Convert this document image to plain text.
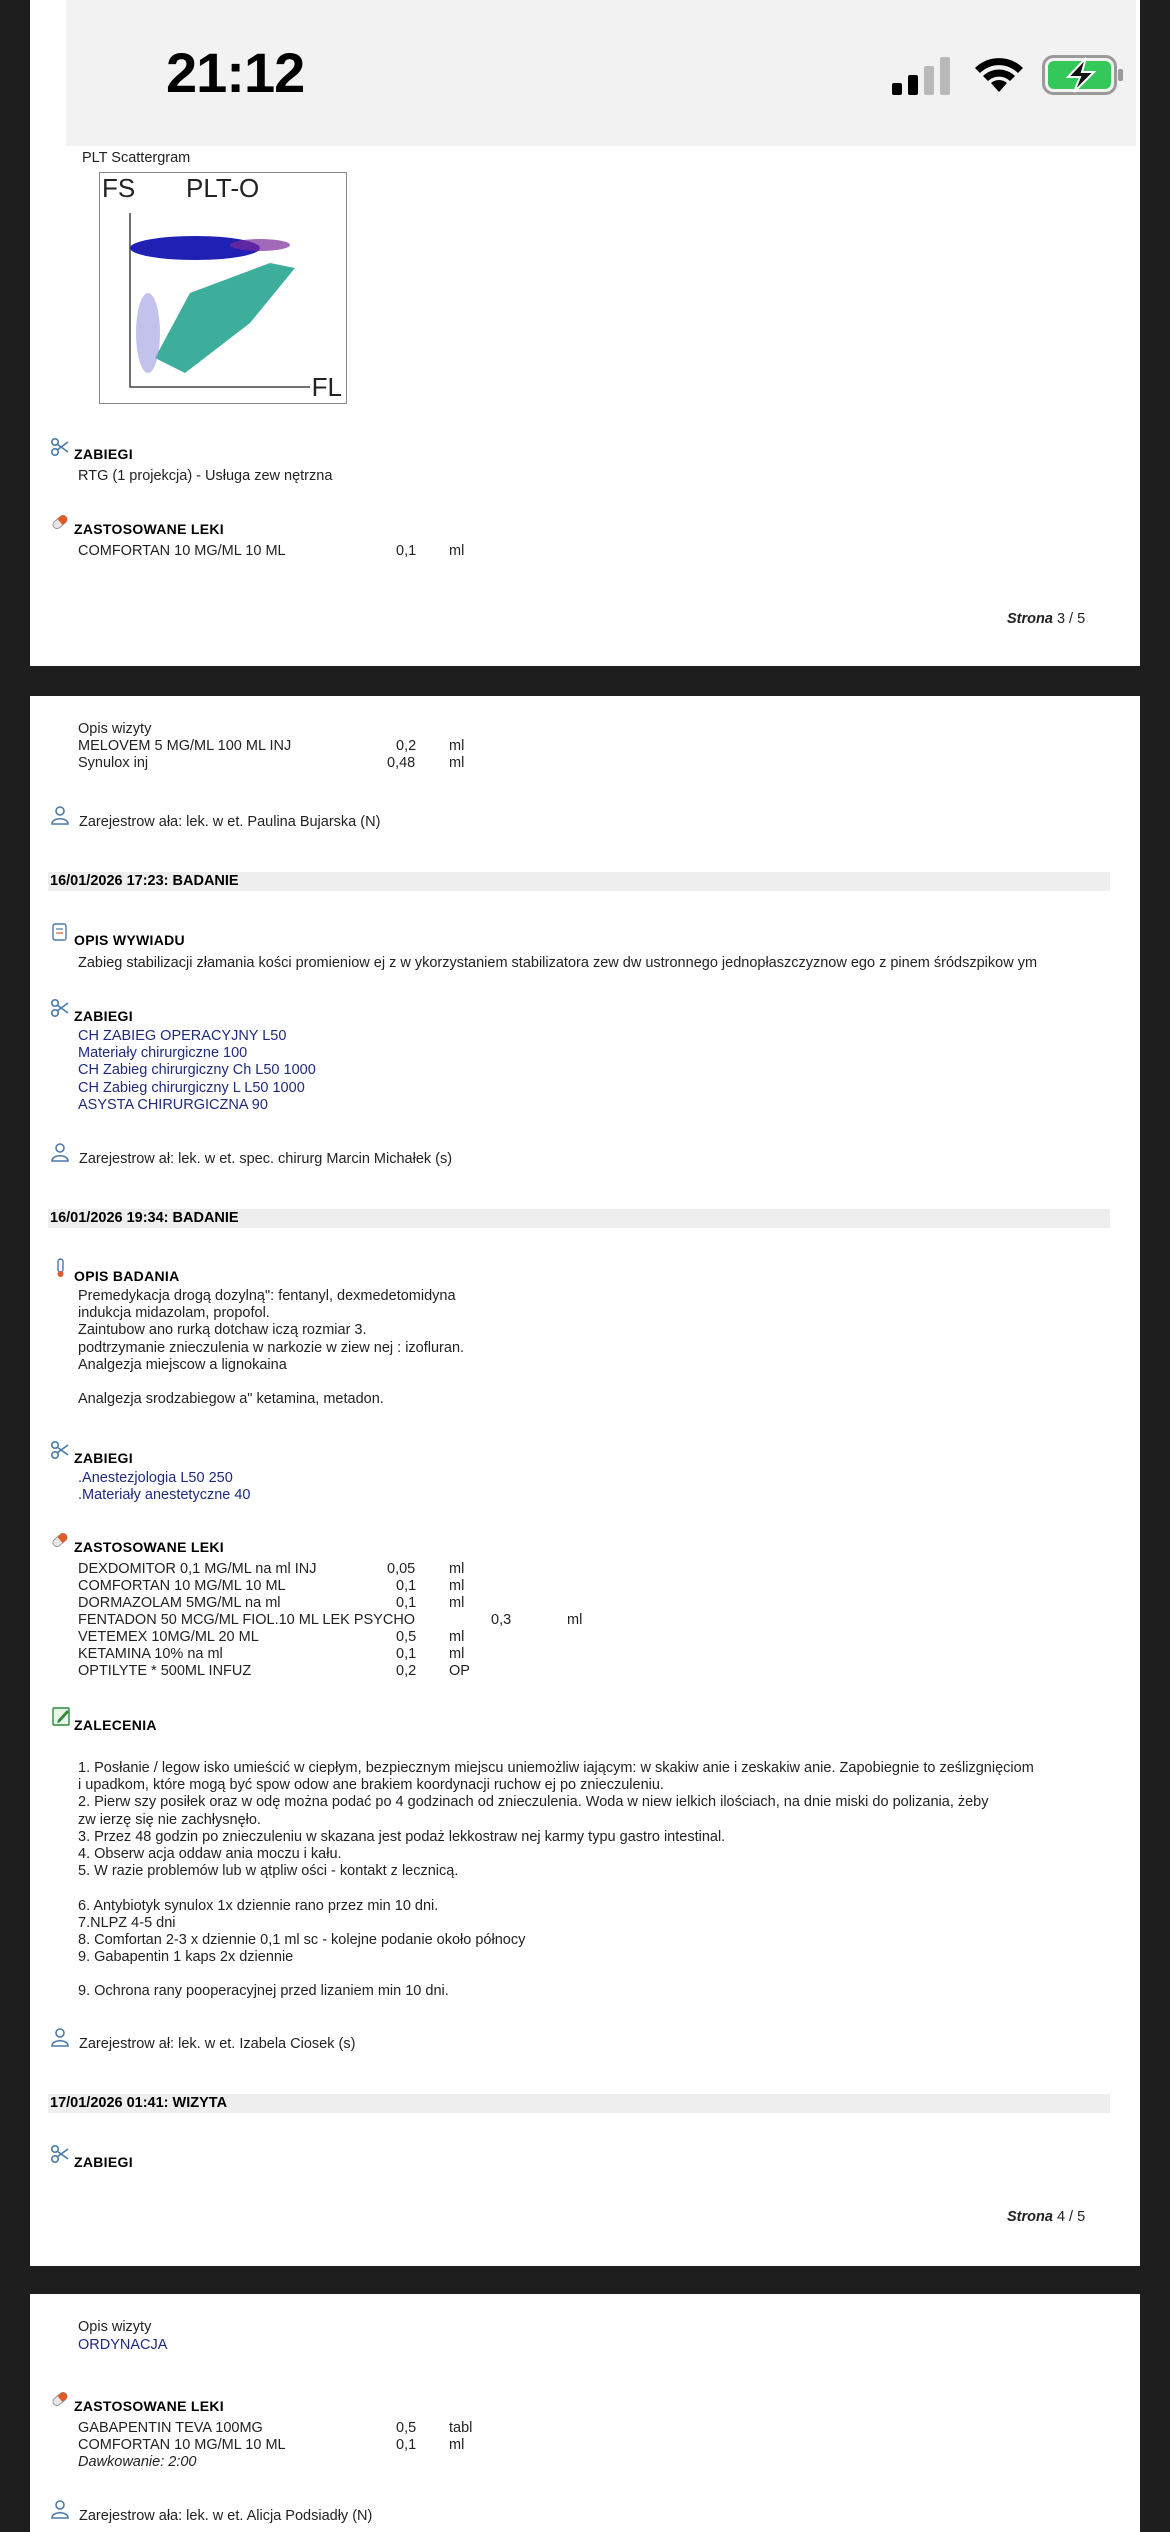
PLT Scattergram
FS PLT-O
FL
21:12
ZABIEGI
RTG (1 projekcja) - Usługa zew nętrzna
ZASTOSOWANE LEKI
COMFORTAN 10 MG/ML 10 ML	0,1 ml
Strona 3 / 5
Opis wizyty
MELOVEM 5 MG/ML 100 ML INJ	0,2 ml
Synulox inj	0,48 ml
Zarejestrow ała: lek. w et. Paulina Bujarska (N)
16/01/2026 17:23: BADANIE
OPIS WYWIADU
Zabieg stabilizacji złamania kości promieniow ej z w ykorzystaniem stabilizatora zew dw ustronnego jednopłaszczyznow ego z pinem śródszpikow ym
ZABIEGI
CH ZABIEG OPERACYJNY L50
Materiały chirurgiczne 100
CH Zabieg chirurgiczny Ch L50 1000
CH Zabieg chirurgiczny L L50 1000
ASYSTA CHIRURGICZNA 90
Zarejestrow ał: lek. w et. spec. chirurg Marcin Michałek (s)
16/01/2026 19:34: BADANIE
OPIS BADANIA
Premedykacja drogą dozylną": fentanyl, dexmedetomidyna
indukcja midazolam, propofol.
Zaintubow ano rurką dotchaw iczą rozmiar 3.
podtrzymanie znieczulenia w narkozie w ziew nej : izofluran.
Analgezja miejscow a lignokaina
Analgezja srodzabiegow a" ketamina, metadon.
ZABIEGI
.Anestezjologia L50 250
.Materiały anestetyczne 40
ZASTOSOWANE LEKI
DEXDOMITOR 0,1 MG/ML na ml INJ	0,05 ml
COMFORTAN 10 MG/ML 10 ML	0,1 ml
DORMAZOLAM 5MG/ML na ml	0,1 ml
FENTADON 50 MCG/ML FIOL.10 ML LEK PSYCHO	0,3	ml
VETEMEX 10MG/ML 20 ML	0,5 ml
KETAMINA 10% na ml	0,1 ml
OPTILYTE * 500ML INFUZ	0,2 OP
ZALECENIA
1. Posłanie / legow isko umieścić w ciepłym, bezpiecznym miejscu uniemożliw iającym: w skakiw anie i zeskakiw anie. Zapobiegnie to ześlizgnięciom
i upadkom, które mogą być spow odow ane brakiem koordynacji ruchow ej po znieczuleniu.
2. Pierw szy posiłek oraz w odę można podać po 4 godzinach od znieczulenia. Woda w niew ielkich ilościach, na dnie miski do polizania, żeby
zw ierzę się nie zachłysnęło.
3. Przez 48 godzin po znieczuleniu w skazana jest podaż lekkostraw nej karmy typu gastro intestinal.
4. Obserw acja oddaw ania moczu i kału.
5. W razie problemów lub w ątpliw ości - kontakt z lecznicą.
6. Antybiotyk synulox 1x dziennie rano przez min 10 dni.
7.NLPZ 4-5 dni
8. Comfortan 2-3 x dziennie 0,1 ml sc - kolejne podanie około północy
9. Gabapentin 1 kaps 2x dziennie
9. Ochrona rany pooperacyjnej przed lizaniem min 10 dni.
Zarejestrow ał: lek. w et. Izabela Ciosek (s)
17/01/2026 01:41: WIZYTA
ZABIEGI
Strona 4 / 5
Opis wizyty
ORDYNACJA
ZASTOSOWANE LEKI
GABAPENTIN TEVA 100MG	0,5 tabl
COMFORTAN 10 MG/ML 10 ML	0,1 ml
Dawkowanie: 2:00
Zarejestrow ała: lek. w et. Alicja Podsiadły (N)
